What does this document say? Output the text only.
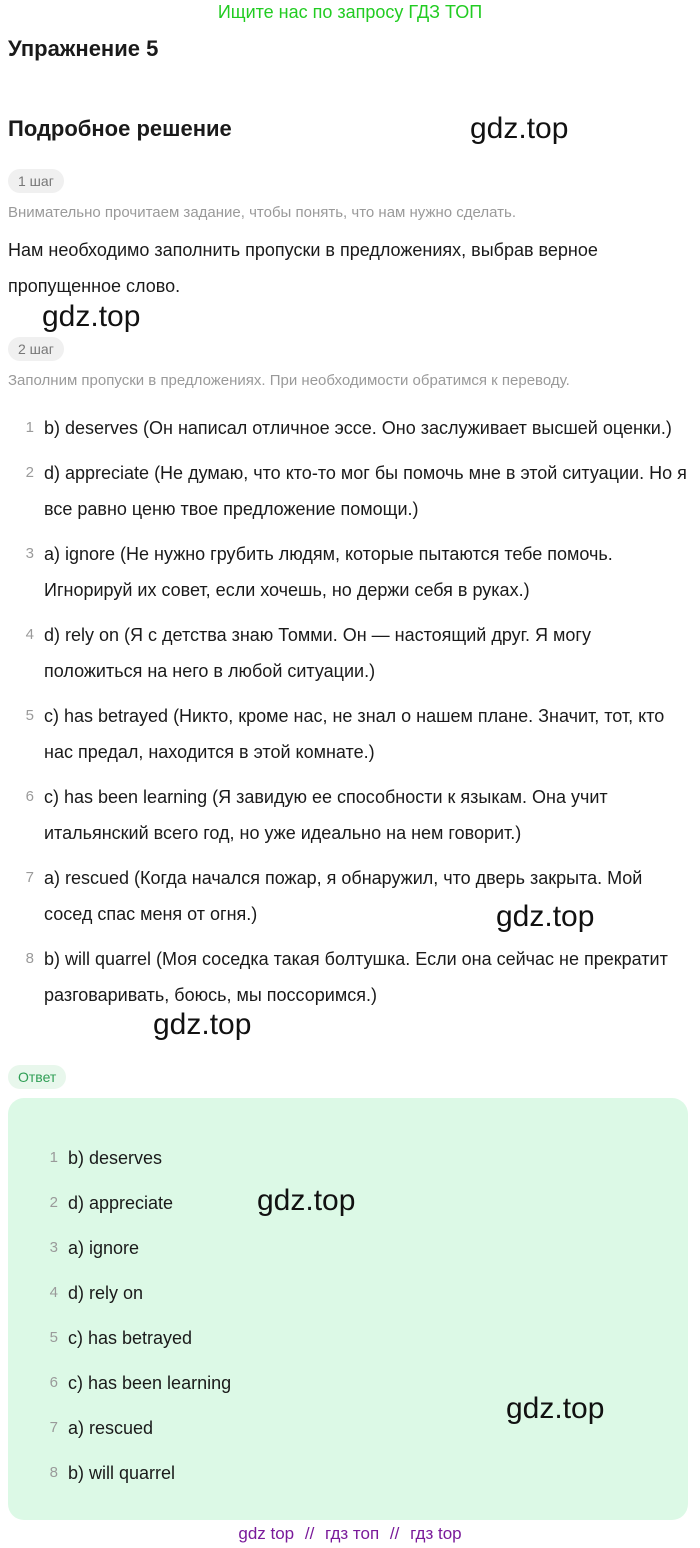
Ищите нас по запросу ГДЗ ТОП
Упражнение 5
Подробное решение	gdz.top
1 шаг
Внимательно прочитаем задание, чтобы понять, что нам нужно сделать.
Нам необходимо заполнить пропуски в предложениях, выбрав верное пропущенное слово.
gdz.top
2 шаг
Заполним пропуски в предложениях. При необходимости обратимся к переводу.
1 b) deserves (Он написал отличное эссе. Оно заслуживает высшей оценки.)
2 d) appreciate (Не думаю, что кто-то мог бы помочь мне в этой ситуации. Но я все равно ценю твое предложение помощи.)
3 a) ignore (Не нужно грубить людям, которые пытаются тебе помочь. Игнорируй их совет, если хочешь, но держи себя в руках.)
4 d) rely on (Я с детства знаю Томми. Он — настоящий друг. Я могу положиться на него в любой ситуации.)
5 c) has betrayed (Никто, кроме нас, не знал о нашем плане. Значит, тот, кто нас предал, находится в этой комнате.)
6 c) has been learning (Я завидую ее способности к языкам. Она учит итальянский всего год, но уже идеально на нем говорит.)
7 a) rescued (Когда начался пожар, я обнаружил, что дверь закрыта. Мой сосед спас меня от огня.)
8 b) will quarrel (Моя соседка такая болтушка. Если она сейчас не прекратит разговаривать, боюсь, мы поссоримся.)
gdz.top
gdz.top
Ответ
1 b) deserves
2 d) appreciate
3 a) ignore
4 d) rely on
5 c) has betrayed
6 c) has been learning
7 a) rescued
8 b) will quarrel
gdz.top
gdz.top
gdz top // гдз топ // гдз top
